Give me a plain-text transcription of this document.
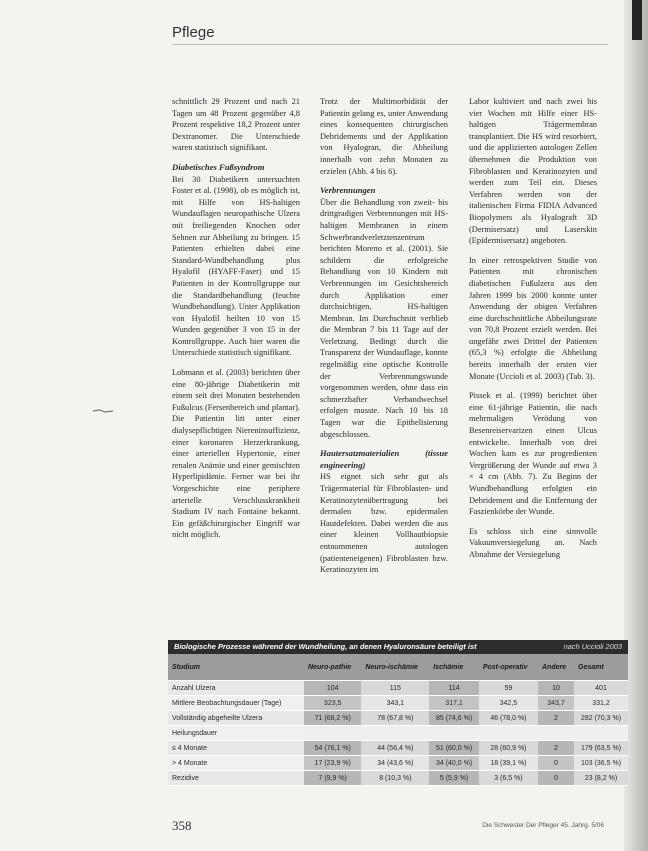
Pflege

schnittlich 29 Prozent und nach 21 Tagen um 48 Prozent gegenüber 4,8 Prozent respektive 18,2 Prozent unter Dextranomer. Die Unterschiede waren statistisch signifikant.

Diabetisches Fußsyndrom

Bei 30 Diabetikern untersuchten Foster et al. (1998), ob es möglich ist, mit Hilfe von HS-haltigen Wundauflagen neuropathische Ulzera mit freiliegenden Knochen oder Sehnen zur Abheilung zu bringen. 15 Patienten erhielten dabei eine Standard-Wundbehandlung plus Hyalofil (HYAFF-Faser) und 15 Patienten in der Kontrollgruppe nur die Standardbehandlung (feuchte Wundbehandlung). Unter Applikation von Hyalofil heilten 10 von 15 Wunden gegenüber 3 von 15 in der Kontrollgruppe. Auch hier waren die Unterschiede statistisch signifikant.

Lobmann et al. (2003) berichten über eine 80-jährige Diabetikerin mit einem seit drei Monaten bestehenden Fußulcus (Fersenbereich und plantar). Die Patientin litt unter einer dialysepflichtigen Niereninsuffizienz, einer koronaren Herzerkrankung, einer arteriellen Hypertonie, einer renalen Anämie und einer gemischten Hyperlipidämie. Ferner war bei ihr Vorgeschichte eine periphere arterielle Verschlusskrankheit Stadium IV nach Fontaine bekannt. Ein gefäßchirurgischer Eingriff war nicht möglich.

Trotz der Multimorbidität der Patientin gelang es, unter Anwendung eines konsequenten chirurgischen Debridements und der Applikation von Hyalogran, die Abheilung innerhalb von zehn Monaten zu erzielen (Abb. 4 bis 6).

Verbrennungen

Über die Behandlung von zweit- bis drittgradigen Verbrennungen mit HS-haltigen Membranen in einem Schwerbrandverletztenzentrum berichten Moreno et al. (2001). Sie schildern die erfolgreiche Behandlung von 10 Kindern mit Verbrennungen im Gesichtsbereich durch Applikation einer durchsichtigen, HS-haltigen Membran. Im Durchschnitt verblieb die Membran 7 bis 11 Tage auf der Verletzung. Bedingt durch die Transparenz der Wundauflage, konnte regelmäßig eine optische Kontrolle der Verbrennungswunde vorgenommen werden, ohne dass ein schmerzhafter Verbandwechsel erfolgen musste. Nach 10 bis 18 Tagen war die Epithelisierung abgeschlossen.

Hautersatzmaterialien (tissue engineering)

HS eignet sich sehr gut als Trägermaterial für Fibroblasten- und Keratinozytenübertragung bei dermalen bzw. epidermalen Hautdefekten. Dabei werden die aus einer kleinen Vollhautbiopsie entnommenen autologen (patienteneigenen) Fibroblasten bzw. Keratinozyten im

Labor kultiviert und nach zwei bis vier Wochen mit Hilfe einer HS-haltigen Trägermembran transplantiert. Die HS wird resorbiert, und die applizierten autologen Zellen übernehmen die Produktion von Fibroblasten und Keratinozyten und werden zum Teil ein. Dieses Verfahren werden von der italienischen Firma FIDIA Advanced Biopolymers als Hyalograft 3D (Dermisersatz) und Laserskin (Epidermisersatz) angeboten.

In einer retrospektiven Studie von Patienten mit chronischen diabetischen Fußulzera aus den Jahren 1999 bis 2000 konnte unter Anwendung der obigen Verfahren eine durchschnittliche Abheilungsrate von 70,8 Prozent erzielt werden. Bei ungefähr zwei Drittel der Patienten (65,3 %) erfolgte die Abheilung bereits innerhalb der ersten vier Monate (Uccioli et al. 2003) (Tab. 3).

Pissek et al. (1999) berichtet über eine 61-jährige Patientin, die nach mehrmaligen Verödung von Besenreiservarizen einen Ulcus entwickelte. Innerhalb von drei Wochen kam es zur progredienten Vergrößerung der Wunde auf etwa 3 × 4 cm (Abb. 7). Zu Beginn der Wundbehandlung erfolgten ein Debridement und die Entfernung der Faszienkörbe der Wunde.

Es schloss sich eine sinnvolle Vakuumversiegelung an. Nach Abnahme der Versiegelung

Biologische Prozesse während der Wundheilung, an denen Hyaluronsäure beteiligt ist	nach Uccioli 2003
Studium	Neuro-pathie	Neuro-ischämie	Ischämie	Post-operativ	Andere	Gesamt
Anzahl Ulzera	104	115	114	59	10	401
Mittlere Beobachtungsdauer (Tage)	323,5	343,1	317,1	342,5	343,7	331,2
Vollständig abgeheilte Ulzera	71 (68,2 %)	78 (67,8 %)	85 (74,6 %)	46 (78,0 %)	2	282 (70,3 %)
Heilungsdauer						
≤ 4 Monate	54 (76,1 %)	44 (56,4 %)	51 (60,0 %)	28 (60,9 %)	2	179 (63,5 %)
> 4 Monate	17 (23,9 %)	34 (43,6 %)	34 (40,0 %)	18 (39,1 %)	0	103 (36,5 %)
Rezidive	7 (9,9 %)	8 (10,3 %)	5 (5,9 %)	3 (6,5 %)	0	23 (8,2 %)
358	Die Schwester Der Pfleger 45. Jahrg. 5/06
